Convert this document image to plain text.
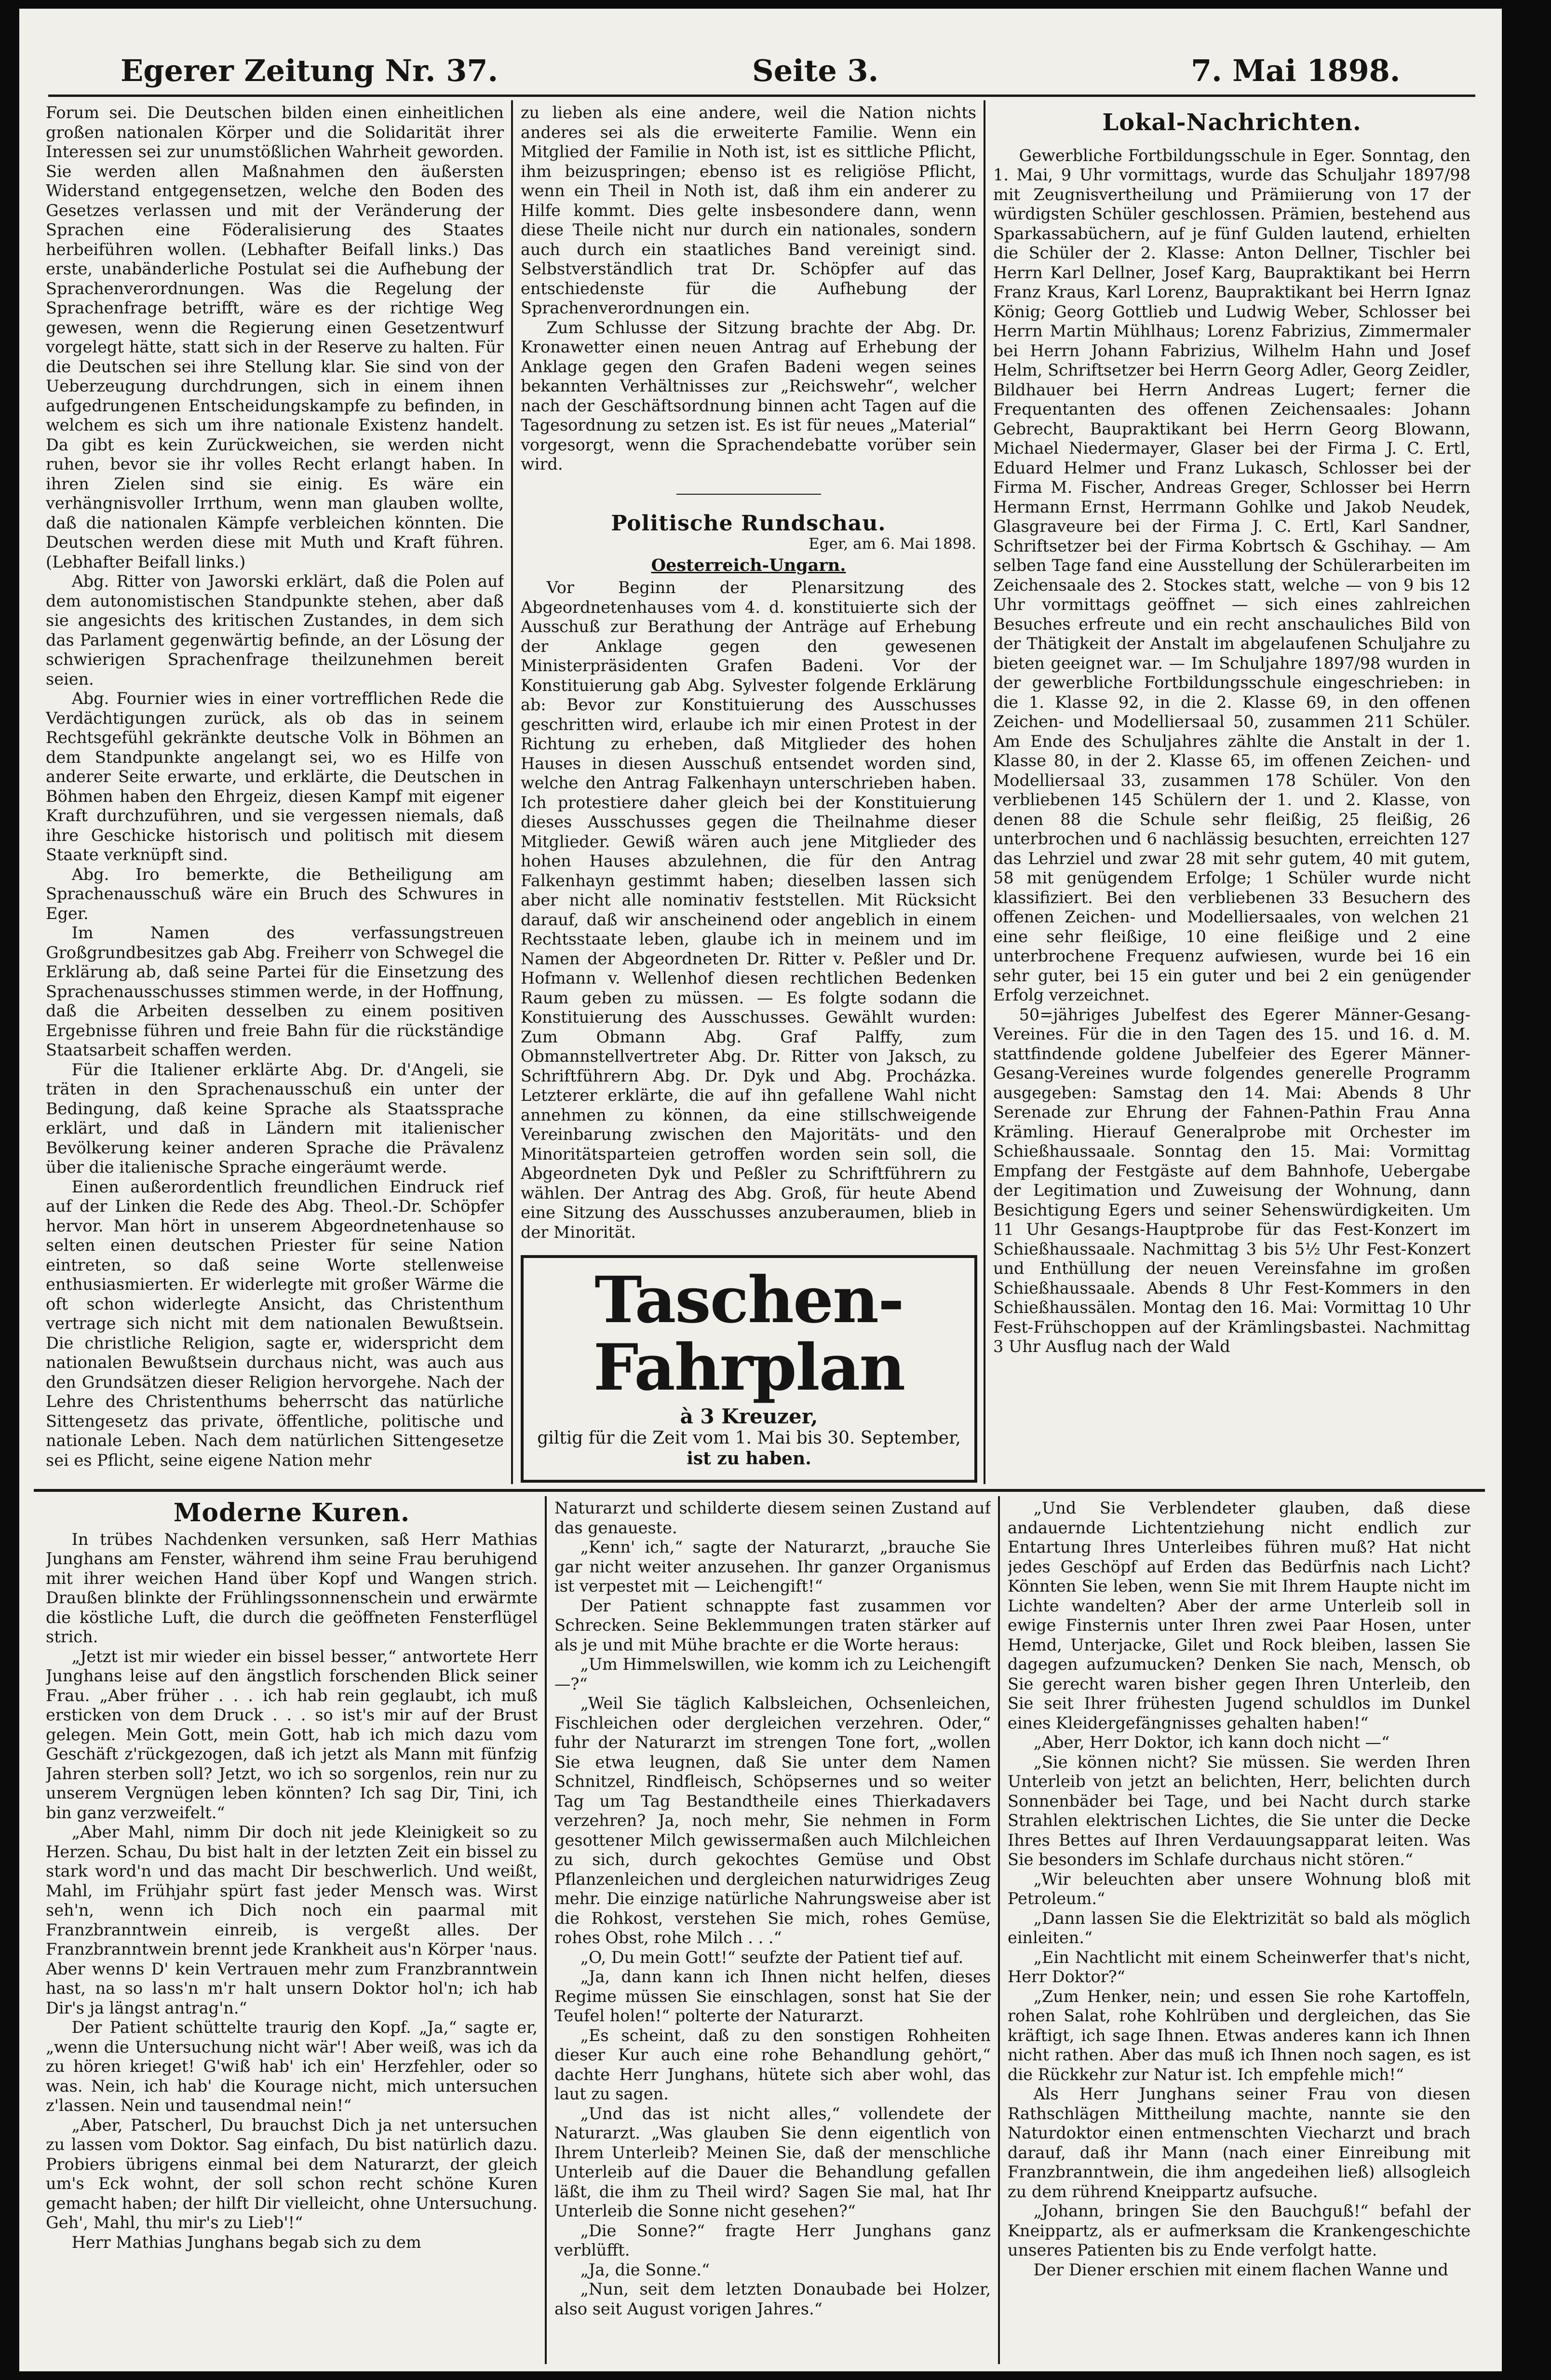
Egerer Zeitung Nr. 37.	Seite 3.	7. Mai 1898.

Forum sei. Die Deutschen bilden einen einheitlichen großen nationalen Körper und die Solidarität ihrer Interessen sei zur unumstößlichen Wahrheit geworden. Sie werden allen Maßnahmen den äußersten Widerstand entgegensetzen, welche den Boden des Gesetzes verlassen und mit der Veränderung der Sprachen eine Föderalisierung des Staates herbeiführen wollen. (Lebhafter Beifall links.) Das erste, unabänderliche Postulat sei die Aufhebung der Sprachenverordnungen. Was die Regelung der Sprachenfrage betrifft, wäre es der richtige Weg gewesen, wenn die Regierung einen Gesetzentwurf vorgelegt hätte, statt sich in der Reserve zu halten. Für die Deutschen sei ihre Stellung klar. Sie sind von der Ueberzeugung durchdrungen, sich in einem ihnen aufgedrungenen Entscheidungskampfe zu befinden, in welchem es sich um ihre nationale Existenz handelt. Da gibt es kein Zurückweichen, sie werden nicht ruhen, bevor sie ihr volles Recht erlangt haben. In ihren Zielen sind sie einig. Es wäre ein verhängnisvoller Irrthum, wenn man glauben wollte, daß die nationalen Kämpfe verbleichen könnten. Die Deutschen werden diese mit Muth und Kraft führen. (Lebhafter Beifall links.)

Abg. Ritter von Jaworski erklärt, daß die Polen auf dem autonomistischen Standpunkte stehen, aber daß sie angesichts des kritischen Zustandes, in dem sich das Parlament gegenwärtig befinde, an der Lösung der schwierigen Sprachenfrage theilzunehmen bereit seien.

Abg. Fournier wies in einer vortrefflichen Rede die Verdächtigungen zurück, als ob das in seinem Rechtsgefühl gekränkte deutsche Volk in Böhmen an dem Standpunkte angelangt sei, wo es Hilfe von anderer Seite erwarte, und erklärte, die Deutschen in Böhmen haben den Ehrgeiz, diesen Kampf mit eigener Kraft durchzuführen, und sie vergessen niemals, daß ihre Geschicke historisch und politisch mit diesem Staate verknüpft sind.

Abg. Iro bemerkte, die Betheiligung am Sprachenausschuß wäre ein Bruch des Schwures in Eger.

Im Namen des verfassungstreuen Großgrundbesitzes gab Abg. Freiherr von Schwegel die Erklärung ab, daß seine Partei für die Einsetzung des Sprachenausschusses stimmen werde, in der Hoffnung, daß die Arbeiten desselben zu einem positiven Ergebnisse führen und freie Bahn für die rückständige Staatsarbeit schaffen werden.

Für die Italiener erklärte Abg. Dr. d'Angeli, sie träten in den Sprachenausschuß ein unter der Bedingung, daß keine Sprache als Staatssprache erklärt, und daß in Ländern mit italienischer Bevölkerung keiner anderen Sprache die Prävalenz über die italienische Sprache eingeräumt werde.

Einen außerordentlich freundlichen Eindruck rief auf der Linken die Rede des Abg. Theol.-Dr. Schöpfer hervor. Man hört in unserem Abgeordnetenhause so selten einen deutschen Priester für seine Nation eintreten, so daß seine Worte stellenweise enthusiasmierten. Er widerlegte mit großer Wärme die oft schon widerlegte Ansicht, das Christenthum vertrage sich nicht mit dem nationalen Bewußtsein. Die christliche Religion, sagte er, widerspricht dem nationalen Bewußtsein durchaus nicht, was auch aus den Grundsätzen dieser Religion hervorgehe. Nach der Lehre des Christenthums beherrscht das natürliche Sittengesetz das private, öffentliche, politische und nationale Leben. Nach dem natürlichen Sittengesetze sei es Pflicht, seine eigene Nation mehr

zu lieben als eine andere, weil die Nation nichts anderes sei als die erweiterte Familie. Wenn ein Mitglied der Familie in Noth ist, ist es sittliche Pflicht, ihm beizuspringen; ebenso ist es religiöse Pflicht, wenn ein Theil in Noth ist, daß ihm ein anderer zu Hilfe kommt. Dies gelte insbesondere dann, wenn diese Theile nicht nur durch ein nationales, sondern auch durch ein staatliches Band vereinigt sind. Selbstverständlich trat Dr. Schöpfer auf das entschiedenste für die Aufhebung der Sprachenverordnungen ein.

Zum Schlusse der Sitzung brachte der Abg. Dr. Kronawetter einen neuen Antrag auf Erhebung der Anklage gegen den Grafen Badeni wegen seines bekannten Verhältnisses zur „Reichswehr“, welcher nach der Geschäftsordnung binnen acht Tagen auf die Tagesordnung zu setzen ist. Es ist für neues „Material“ vorgesorgt, wenn die Sprachendebatte vorüber sein wird.

Politische Rundschau.
Eger, am 6. Mai 1898.
Oesterreich-Ungarn.

Vor Beginn der Plenarsitzung des Abgeordnetenhauses vom 4. d. konstituierte sich der Ausschuß zur Berathung der Anträge auf Erhebung der Anklage gegen den gewesenen Ministerpräsidenten Grafen Badeni. Vor der Konstituierung gab Abg. Sylvester folgende Erklärung ab: Bevor zur Konstituierung des Ausschusses geschritten wird, erlaube ich mir einen Protest in der Richtung zu erheben, daß Mitglieder des hohen Hauses in diesen Ausschuß entsendet worden sind, welche den Antrag Falkenhayn unterschrieben haben. Ich protestiere daher gleich bei der Konstituierung dieses Ausschusses gegen die Theilnahme dieser Mitglieder. Gewiß wären auch jene Mitglieder des hohen Hauses abzulehnen, die für den Antrag Falkenhayn gestimmt haben; dieselben lassen sich aber nicht alle nominativ feststellen. Mit Rücksicht darauf, daß wir anscheinend oder angeblich in einem Rechtsstaate leben, glaube ich in meinem und im Namen der Abgeordneten Dr. Ritter v. Peßler und Dr. Hofmann v. Wellenhof diesen rechtlichen Bedenken Raum geben zu müssen. — Es folgte sodann die Konstituierung des Ausschusses. Gewählt wurden: Zum Obmann Abg. Graf Palffy, zum Obmannstellvertreter Abg. Dr. Ritter von Jaksch, zu Schriftführern Abg. Dr. Dyk und Abg. Procházka. Letzterer erklärte, die auf ihn gefallene Wahl nicht annehmen zu können, da eine stillschweigende Vereinbarung zwischen den Majoritäts- und den Minoritätsparteien getroffen worden sein soll, die Abgeordneten Dyk und Peßler zu Schriftführern zu wählen. Der Antrag des Abg. Groß, für heute Abend eine Sitzung des Ausschusses anzuberaumen, blieb in der Minorität.

Taschen-Fahrplan
à 3 Kreuzer,
giltig für die Zeit vom 1. Mai bis 30. September,
ist zu haben.
Lokal-Nachrichten.

Gewerbliche Fortbildungsschule in Eger. Sonntag, den 1. Mai, 9 Uhr vormittags, wurde das Schuljahr 1897/98 mit Zeugnisvertheilung und Prämiierung von 17 der würdigsten Schüler geschlossen. Prämien, bestehend aus Sparkassabüchern, auf je fünf Gulden lautend, erhielten die Schüler der 2. Klasse: Anton Dellner, Tischler bei Herrn Karl Dellner, Josef Karg, Baupraktikant bei Herrn Franz Kraus, Karl Lorenz, Baupraktikant bei Herrn Ignaz König; Georg Gottlieb und Ludwig Weber, Schlosser bei Herrn Martin Mühlhaus; Lorenz Fabrizius, Zimmermaler bei Herrn Johann Fabrizius, Wilhelm Hahn und Josef Helm, Schriftsetzer bei Herrn Georg Adler, Georg Zeidler, Bildhauer bei Herrn Andreas Lugert; ferner die Frequentanten des offenen Zeichensaales: Johann Gebrecht, Baupraktikant bei Herrn Georg Blowann, Michael Niedermayer, Glaser bei der Firma J. C. Ertl, Eduard Helmer und Franz Lukasch, Schlosser bei der Firma M. Fischer, Andreas Greger, Schlosser bei Herrn Hermann Ernst, Herrmann Gohlke und Jakob Neudek, Glasgraveure bei der Firma J. C. Ertl, Karl Sandner, Schriftsetzer bei der Firma Kobrtsch & Gschihay. — Am selben Tage fand eine Ausstellung der Schülerarbeiten im Zeichensaale des 2. Stockes statt, welche — von 9 bis 12 Uhr vormittags geöffnet — sich eines zahlreichen Besuches erfreute und ein recht anschauliches Bild von der Thätigkeit der Anstalt im abgelaufenen Schuljahre zu bieten geeignet war. — Im Schuljahre 1897/98 wurden in der gewerbliche Fortbildungsschule eingeschrieben: in die 1. Klasse 92, in die 2. Klasse 69, in den offenen Zeichen- und Modelliersaal 50, zusammen 211 Schüler. Am Ende des Schuljahres zählte die Anstalt in der 1. Klasse 80, in der 2. Klasse 65, im offenen Zeichen- und Modelliersaal 33, zusammen 178 Schüler. Von den verbliebenen 145 Schülern der 1. und 2. Klasse, von denen 88 die Schule sehr fleißig, 25 fleißig, 26 unterbrochen und 6 nachlässig besuchten, erreichten 127 das Lehrziel und zwar 28 mit sehr gutem, 40 mit gutem, 58 mit genügendem Erfolge; 1 Schüler wurde nicht klassifiziert. Bei den verbliebenen 33 Besuchern des offenen Zeichen- und Modelliersaales, von welchen 21 eine sehr fleißige, 10 eine fleißige und 2 eine unterbrochene Frequenz aufwiesen, wurde bei 16 ein sehr guter, bei 15 ein guter und bei 2 ein genügender Erfolg verzeichnet.

50=jähriges Jubelfest des Egerer Männer-Gesang-Vereines. Für die in den Tagen des 15. und 16. d. M. stattfindende goldene Jubelfeier des Egerer Männer-Gesang-Vereines wurde folgendes generelle Programm ausgegeben: Samstag den 14. Mai: Abends 8 Uhr Serenade zur Ehrung der Fahnen-Pathin Frau Anna Krämling. Hierauf Generalprobe mit Orchester im Schießhaussaale. Sonntag den 15. Mai: Vormittag Empfang der Festgäste auf dem Bahnhofe, Uebergabe der Legitimation und Zuweisung der Wohnung, dann Besichtigung Egers und seiner Sehenswürdigkeiten. Um 11 Uhr Gesangs-Hauptprobe für das Fest-Konzert im Schießhaussaale. Nachmittag 3 bis 5½ Uhr Fest-Konzert und Enthüllung der neuen Vereinsfahne im großen Schießhaussaale. Abends 8 Uhr Fest-Kommers in den Schießhaussälen. Montag den 16. Mai: Vormittag 10 Uhr Fest-Frühschoppen auf der Krämlingsbastei. Nachmittag 3 Uhr Ausflug nach der Wald

Moderne Kuren.

In trübes Nachdenken versunken, saß Herr Mathias Junghans am Fenster, während ihm seine Frau beruhigend mit ihrer weichen Hand über Kopf und Wangen strich. Draußen blinkte der Frühlingssonnenschein und erwärmte die köstliche Luft, die durch die geöffneten Fensterflügel strich.

„Jetzt ist mir wieder ein bissel besser,“ antwortete Herr Junghans leise auf den ängstlich forschenden Blick seiner Frau. „Aber früher . . . ich hab rein geglaubt, ich muß ersticken von dem Druck . . . so ist's mir auf der Brust gelegen. Mein Gott, mein Gott, hab ich mich dazu vom Geschäft z'rückgezogen, daß ich jetzt als Mann mit fünfzig Jahren sterben soll? Jetzt, wo ich so sorgenlos, rein nur zu unserem Vergnügen leben könnten? Ich sag Dir, Tini, ich bin ganz verzweifelt.“

„Aber Mahl, nimm Dir doch nit jede Kleinigkeit so zu Herzen. Schau, Du bist halt in der letzten Zeit ein bissel zu stark word'n und das macht Dir beschwerlich. Und weißt, Mahl, im Frühjahr spürt fast jeder Mensch was. Wirst seh'n, wenn ich Dich noch ein paarmal mit Franzbranntwein einreib, is vergeßt alles. Der Franzbranntwein brennt jede Krankheit aus'n Körper 'naus. Aber wenns D' kein Vertrauen mehr zum Franzbranntwein hast, na so lass'n m'r halt unsern Doktor hol'n; ich hab Dir's ja längst antrag'n.“

Der Patient schüttelte traurig den Kopf. „Ja,“ sagte er, „wenn die Untersuchung nicht wär'! Aber weiß, was ich da zu hören krieget! G'wiß hab' ich ein' Herzfehler, oder so was. Nein, ich hab' die Kourage nicht, mich untersuchen z'lassen. Nein und tausendmal nein!“

„Aber, Patscherl, Du brauchst Dich ja net untersuchen zu lassen vom Doktor. Sag einfach, Du bist natürlich dazu. Probiers übrigens einmal bei dem Naturarzt, der gleich um's Eck wohnt, der soll schon recht schöne Kuren gemacht haben; der hilft Dir vielleicht, ohne Untersuchung. Geh', Mahl, thu mir's zu Lieb'!“

Herr Mathias Junghans begab sich zu dem

Naturarzt und schilderte diesem seinen Zustand auf das genaueste.

„Kenn' ich,“ sagte der Naturarzt, „brauche Sie gar nicht weiter anzusehen. Ihr ganzer Organismus ist verpestet mit — Leichengift!“

Der Patient schnappte fast zusammen vor Schrecken. Seine Beklemmungen traten stärker auf als je und mit Mühe brachte er die Worte heraus:

„Um Himmelswillen, wie komm ich zu Leichengift —?“

„Weil Sie täglich Kalbsleichen, Ochsenleichen, Fischleichen oder dergleichen verzehren. Oder,“ fuhr der Naturarzt im strengen Tone fort, „wollen Sie etwa leugnen, daß Sie unter dem Namen Schnitzel, Rindfleisch, Schöpsernes und so weiter Tag um Tag Bestandtheile eines Thierkadavers verzehren? Ja, noch mehr, Sie nehmen in Form gesottener Milch gewissermaßen auch Milchleichen zu sich, durch gekochtes Gemüse und Obst Pflanzenleichen und dergleichen naturwidriges Zeug mehr. Die einzige natürliche Nahrungsweise aber ist die Rohkost, verstehen Sie mich, rohes Gemüse, rohes Obst, rohe Milch . . .“

„O, Du mein Gott!“ seufzte der Patient tief auf.

„Ja, dann kann ich Ihnen nicht helfen, dieses Regime müssen Sie einschlagen, sonst hat Sie der Teufel holen!“ polterte der Naturarzt.

„Es scheint, daß zu den sonstigen Rohheiten dieser Kur auch eine rohe Behandlung gehört,“ dachte Herr Junghans, hütete sich aber wohl, das laut zu sagen.

„Und das ist nicht alles,“ vollendete der Naturarzt. „Was glauben Sie denn eigentlich von Ihrem Unterleib? Meinen Sie, daß der menschliche Unterleib auf die Dauer die Behandlung gefallen läßt, die ihm zu Theil wird? Sagen Sie mal, hat Ihr Unterleib die Sonne nicht gesehen?“

„Die Sonne?“ fragte Herr Junghans ganz verblüfft.

„Ja, die Sonne.“

„Nun, seit dem letzten Donaubade bei Holzer, also seit August vorigen Jahres.“

„Und Sie Verblendeter glauben, daß diese andauernde Lichtentziehung nicht endlich zur Entartung Ihres Unterleibes führen muß? Hat nicht jedes Geschöpf auf Erden das Bedürfnis nach Licht? Könnten Sie leben, wenn Sie mit Ihrem Haupte nicht im Lichte wandelten? Aber der arme Unterleib soll in ewige Finsternis unter Ihren zwei Paar Hosen, unter Hemd, Unterjacke, Gilet und Rock bleiben, lassen Sie dagegen aufzumucken? Denken Sie nach, Mensch, ob Sie gerecht waren bisher gegen Ihren Unterleib, den Sie seit Ihrer frühesten Jugend schuldlos im Dunkel eines Kleidergefängnisses gehalten haben!“

„Aber, Herr Doktor, ich kann doch nicht —“

„Sie können nicht? Sie müssen. Sie werden Ihren Unterleib von jetzt an belichten, Herr, belichten durch Sonnenbäder bei Tage, und bei Nacht durch starke Strahlen elektrischen Lichtes, die Sie unter die Decke Ihres Bettes auf Ihren Verdauungsapparat leiten. Was Sie besonders im Schlafe durchaus nicht stören.“

„Wir beleuchten aber unsere Wohnung bloß mit Petroleum.“

„Dann lassen Sie die Elektrizität so bald als möglich einleiten.“

„Ein Nachtlicht mit einem Scheinwerfer that's nicht, Herr Doktor?“

„Zum Henker, nein; und essen Sie rohe Kartoffeln, rohen Salat, rohe Kohlrüben und dergleichen, das Sie kräftigt, ich sage Ihnen. Etwas anderes kann ich Ihnen nicht rathen. Aber das muß ich Ihnen noch sagen, es ist die Rückkehr zur Natur ist. Ich empfehle mich!“

Als Herr Junghans seiner Frau von diesen Rathschlägen Mittheilung machte, nannte sie den Naturdoktor einen entmenschten Viecharzt und brach darauf, daß ihr Mann (nach einer Einreibung mit Franzbranntwein, die ihm angedeihen ließ) allsogleich zu dem rührend Kneippartz aufsuche.

„Johann, bringen Sie den Bauchguß!“ befahl der Kneippartz, als er aufmerksam die Krankengeschichte unseres Patienten bis zu Ende verfolgt hatte.

Der Diener erschien mit einem flachen Wanne und
